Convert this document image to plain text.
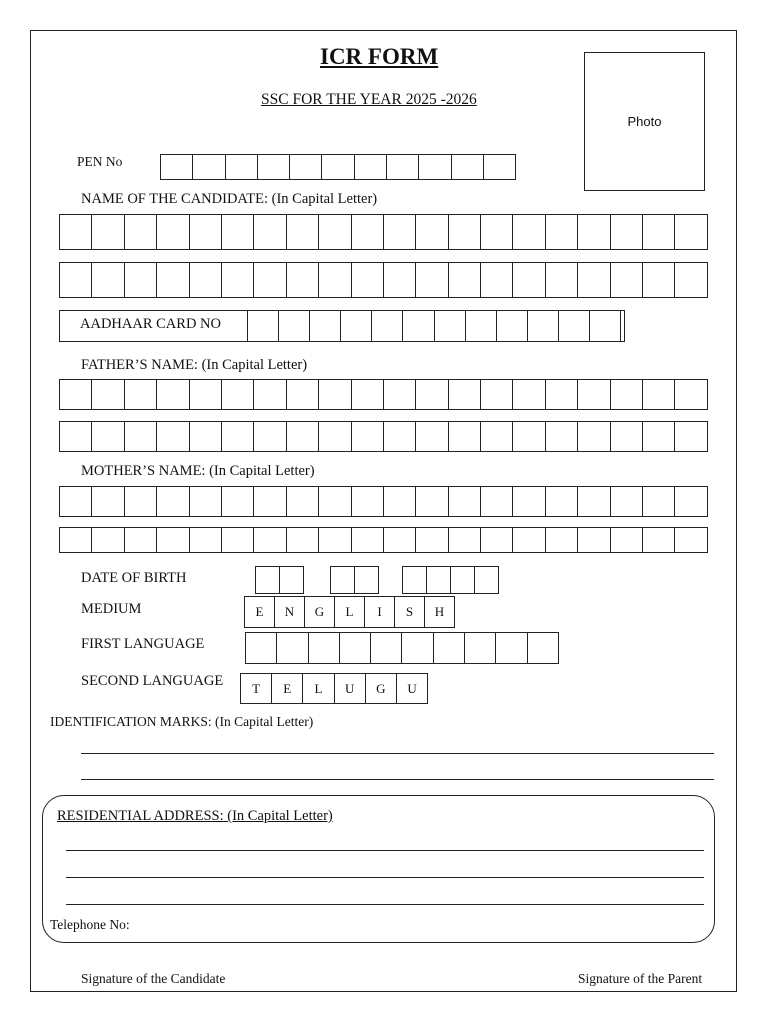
ICR FORM
SSC FOR THE YEAR 2025 -2026
Photo
PEN No
NAME OF THE CANDIDATE: (In Capital Letter)
AADHAAR CARD NO
FATHER’S NAME: (In Capital Letter)
MOTHER’S NAME: (In Capital Letter)
DATE OF BIRTH
MEDIUM	E	N	G	L	I	S	H
FIRST LANGUAGE
SECOND LANGUAGE	T	E	L	U	G	U
IDENTIFICATION MARKS: (In Capital Letter)
RESIDENTIAL ADDRESS: (In Capital Letter)
Telephone No:
Signature of the Candidate	Signature of the Parent
